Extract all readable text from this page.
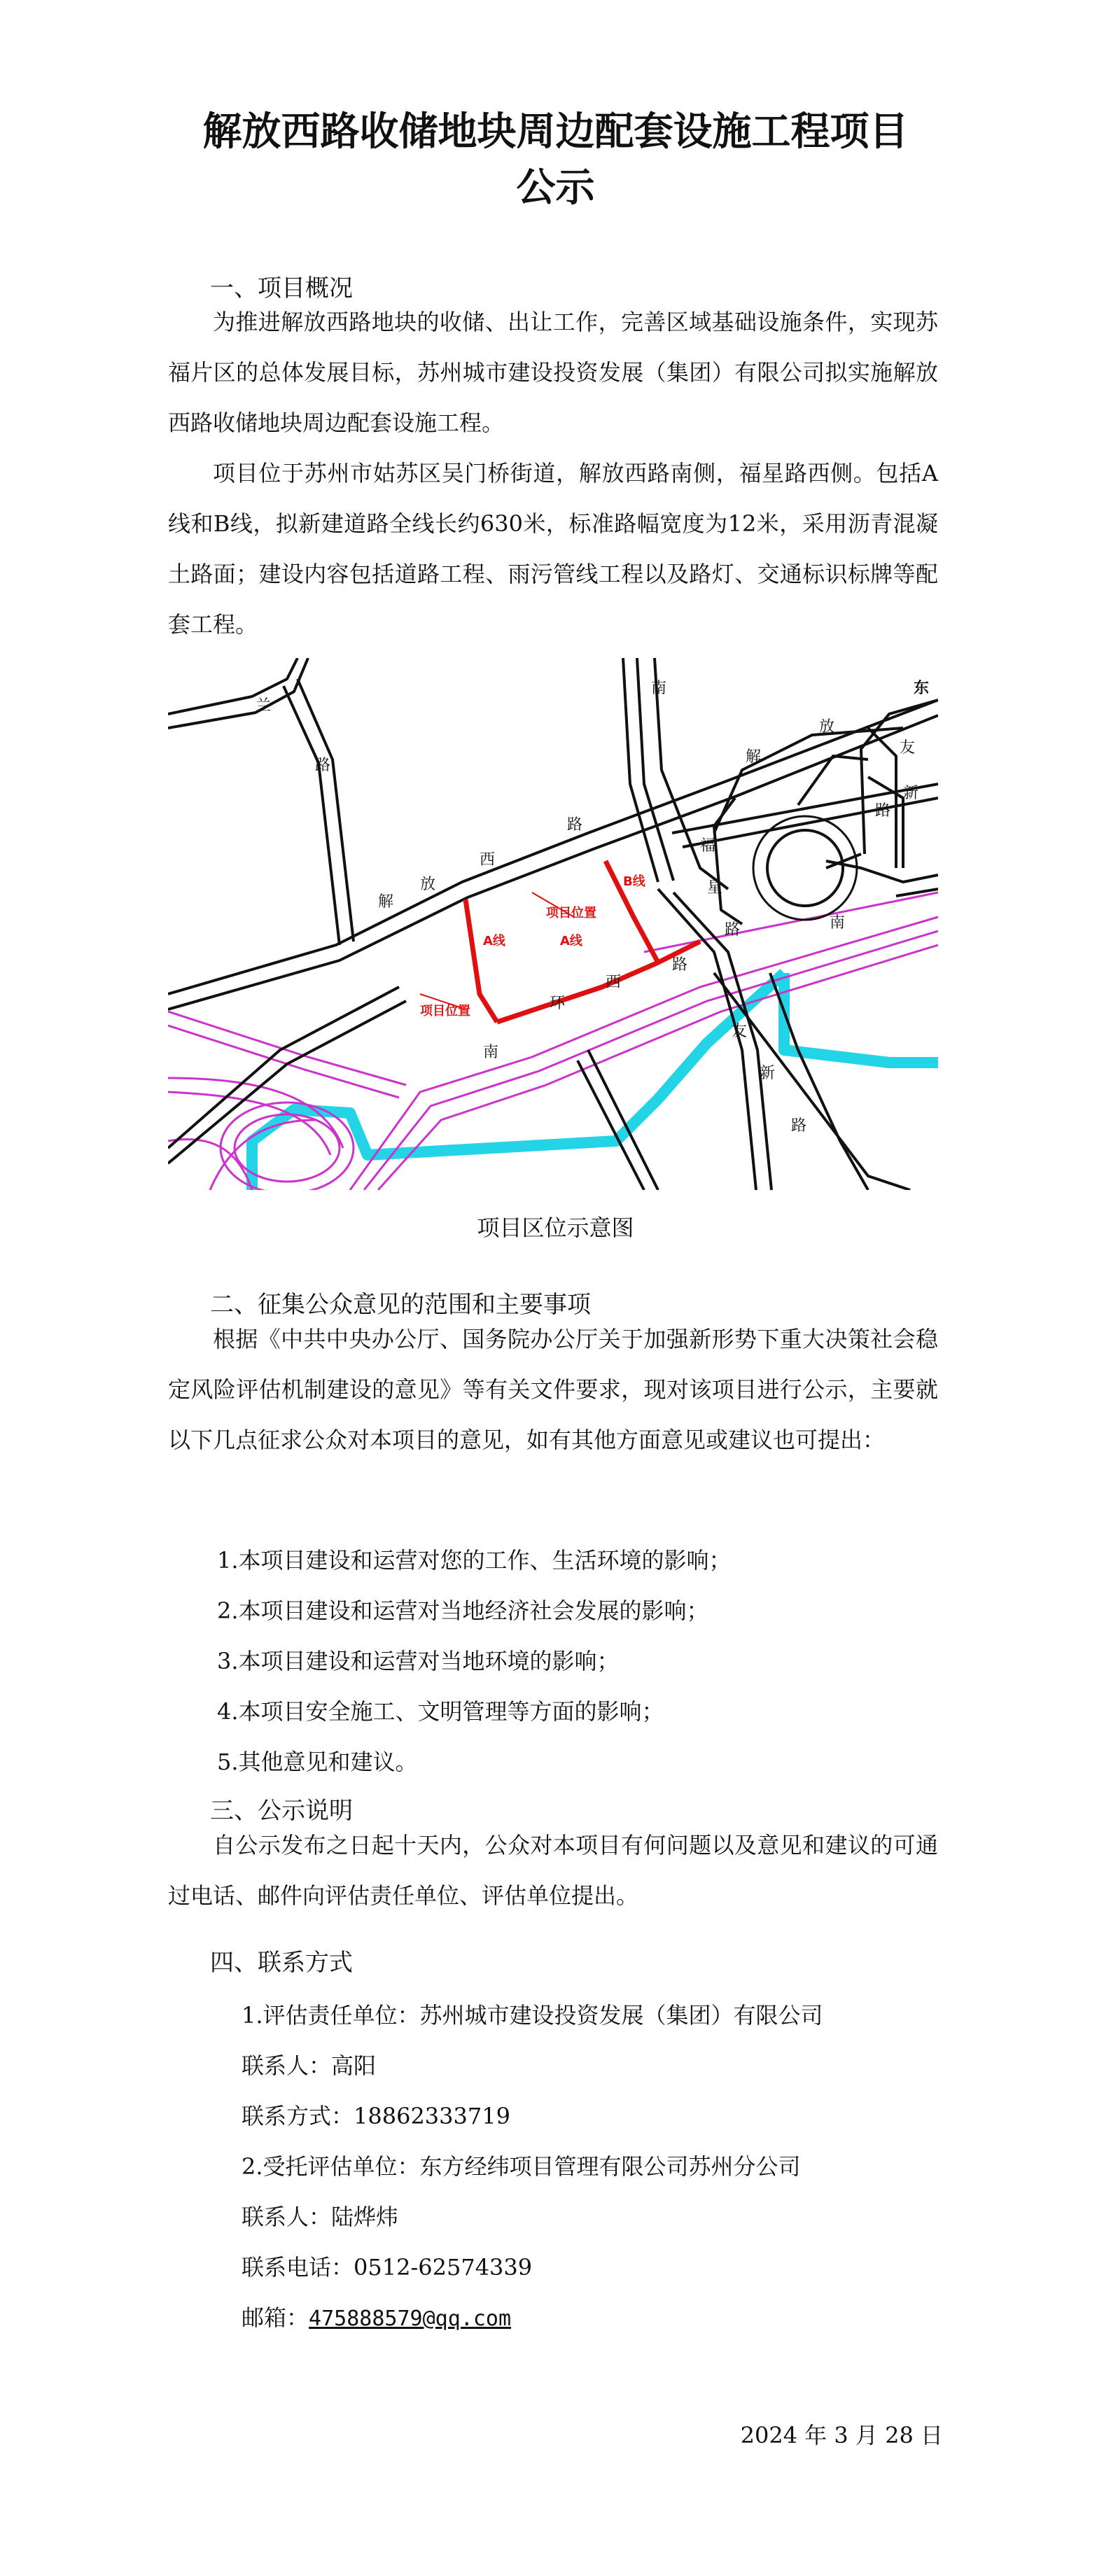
解放西路收储地块周边配套设施工程项目
公示
一、项目概况

为推进解放西路地块的收储、出让工作，完善区域基础设施条件，实现苏福片区的总体发展目标，苏州城市建设投资发展（集团）有限公司拟实施解放西路收储地块周边配套设施工程。

项目位于苏州市姑苏区吴门桥街道，解放西路南侧，福星路西侧。包括A线和B线，拟新建道路全线长约630米，标准路幅宽度为12米，采用沥青混凝土路面；建设内容包括道路工程、雨污管线工程以及路灯、交通标识标牌等配套工程。

兰
路
解
放
西
路
南
解
放
路
东
友
新
福
星
路	南
南
环
西
路
友
新
路
A线	A线
B线
项目位置
项目位置

项目区位示意图

二、征集公众意见的范围和主要事项

根据《中共中央办公厅、国务院办公厅关于加强新形势下重大决策社会稳定风险评估机制建设的意见》等有关文件要求，现对该项目进行公示，主要就以下几点征求公众对本项目的意见，如有其他方面意见或建议也可提出：

1.本项目建设和运营对您的工作、生活环境的影响；

2.本项目建设和运营对当地经济社会发展的影响；

3.本项目建设和运营对当地环境的影响；

4.本项目安全施工、文明管理等方面的影响；

5.其他意见和建议。

三、公示说明

自公示发布之日起十天内，公众对本项目有何问题以及意见和建议的可通过电话、邮件向评估责任单位、评估单位提出。

四、联系方式

1.评估责任单位：苏州城市建设投资发展（集团）有限公司

联系人：高阳

联系方式：18862333719

2.受托评估单位：东方经纬项目管理有限公司苏州分公司

联系人：陆烨炜

联系电话：0512-62574339

邮箱：475888579@qq.com

2024 年 3 月 28 日
